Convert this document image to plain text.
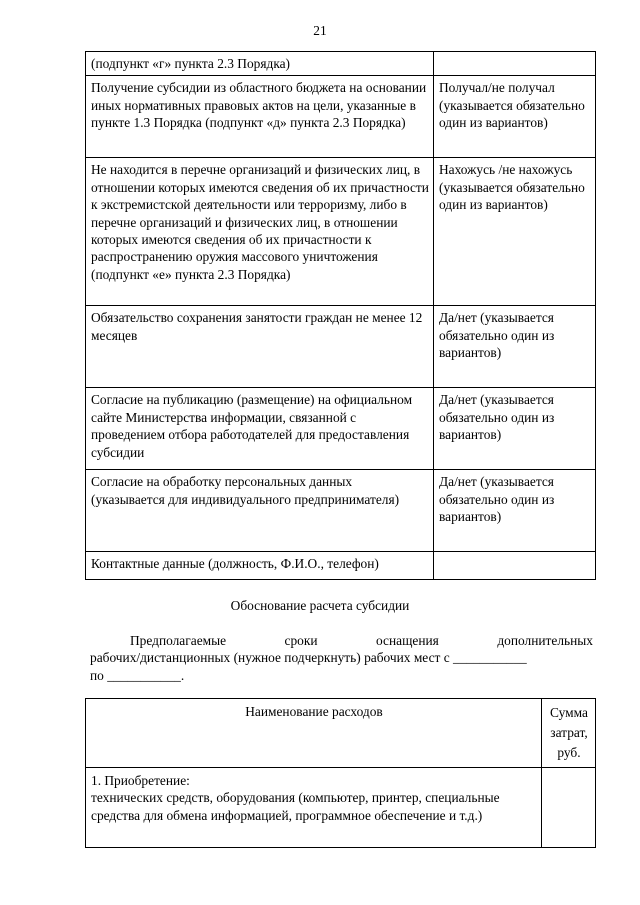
21
(подпункт «г» пункта 2.3 Порядка)	
Получение субсидии из областного бюджета на основании иных нормативных правовых актов на цели, указанные в пункте 1.3 Порядка (подпункт «д» пункта 2.3 Порядка)	Получал/не получал (указывается обязательно один из вариантов)
Не находится в перечне организаций и физических лиц, в отношении которых имеются сведения об их причастности к экстремистской деятельности или терроризму, либо в перечне организаций и физических лиц, в отношении которых имеются сведения об их причастности к распространению оружия массового уничтожения (подпункт «е» пункта 2.3 Порядка)	Нахожусь /не нахожусь (указывается обязательно один из вариантов)
Обязательство сохранения занятости граждан не менее 12 месяцев	Да/нет (указывается обязательно один из вариантов)
Согласие на публикацию (размещение) на официальном сайте Министерства информации, связанной с проведением отбора работодателей для предоставления субсидии	Да/нет (указывается обязательно один из вариантов)
Согласие на обработку персональных данных (указывается для индивидуального предпринимателя)	Да/нет (указывается обязательно один из вариантов)
Контактные данные (должность, Ф.И.О., телефон)	
Обоснование расчета субсидии
Предполагаемые	сроки	оснащения	дополнительных
рабочих/дистанционных (нужное подчеркнуть) рабочих мест с ___________
по ___________.
Наименование расходов	Сумма затрат, руб.

1. Приобретение:
технических средств, оборудования (компьютер, принтер, специальные средства для обмена информацией, программное обеспечение и т.д.)	
